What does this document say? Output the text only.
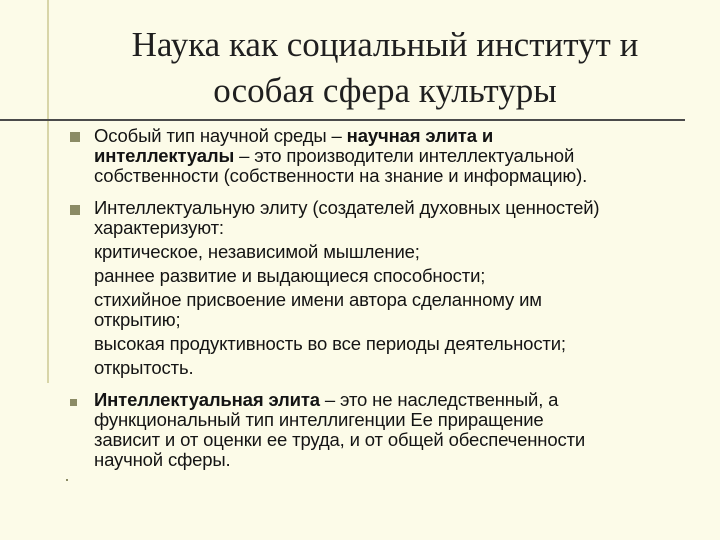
Наука как социальный институт и
особая сфера культуры
Особый тип научной среды – научная элита и
интеллектуалы – это производители интеллектуальной
собственности (собственности на знание и информацию).
Интеллектуальную элиту (создателей духовных ценностей)
характеризуют:
критическое, независимой мышление;
раннее развитие и выдающиеся способности;
стихийное присвоение имени автора сделанному им
открытию;
высокая продуктивность во все периоды деятельности;
открытость.
Интеллектуальная элита – это не наследственный, а
функциональный тип интеллигенции Ее приращение
зависит и от оценки ее труда, и от общей обеспеченности
научной сферы.
